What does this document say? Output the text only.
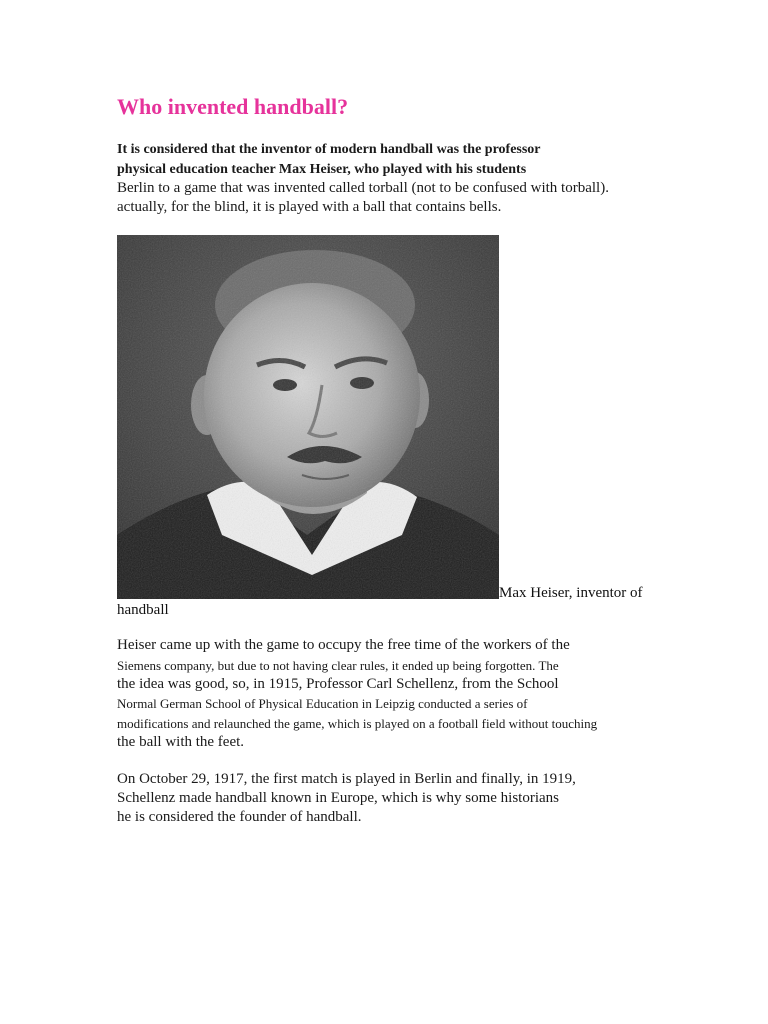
Who invented handball?
It is considered that the inventor of modern handball was the professor
physical education teacher Max Heiser, who played with his students
Berlin to a game that was invented called torball (not to be confused with torball).
actually, for the blind, it is played with a ball that contains bells.
Max Heiser, inventor of
handball
Heiser came up with the game to occupy the free time of the workers of the
Siemens company, but due to not having clear rules, it ended up being forgotten. The
the idea was good, so, in 1915, Professor Carl Schellenz, from the School
Normal German School of Physical Education in Leipzig conducted a series of
modifications and relaunched the game, which is played on a football field without touching
the ball with the feet.
On October 29, 1917, the first match is played in Berlin and finally, in 1919,
Schellenz made handball known in Europe, which is why some historians
he is considered the founder of handball.
